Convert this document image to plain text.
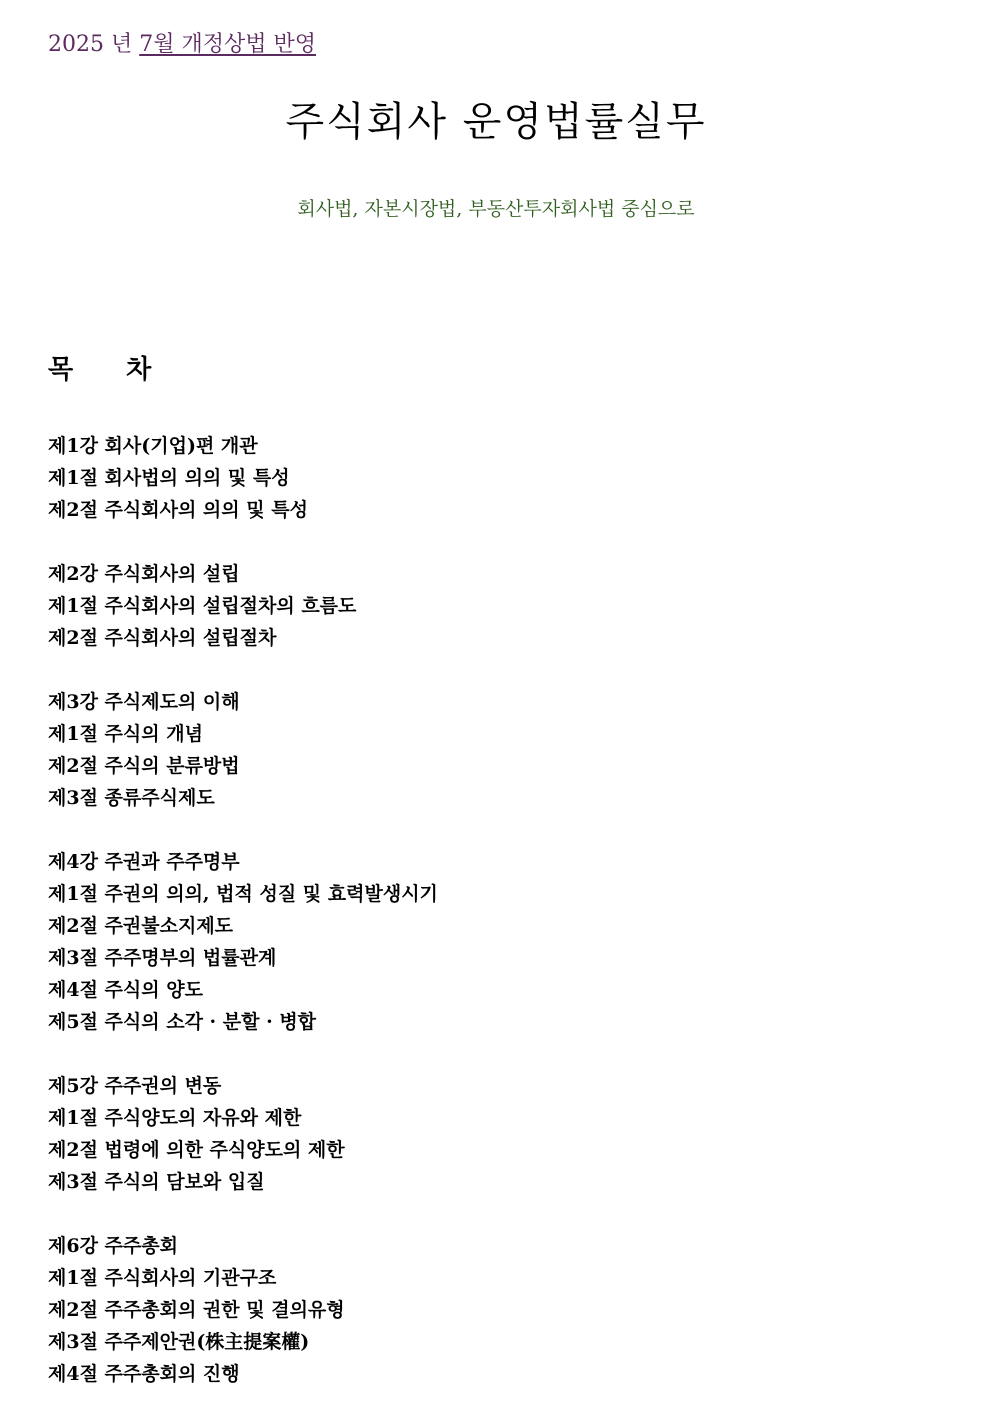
2025 년 7월 개정상법 반영
주식회사 운영법률실무
회사법, 자본시장법, 부동산투자회사법 중심으로
목 차
제1강 회사(기업)편 개관
제1절 회사법의 의의 및 특성
제2절 주식회사의 의의 및 특성
제2강 주식회사의 설립
제1절 주식회사의 설립절차의 흐름도
제2절 주식회사의 설립절차
제3강 주식제도의 이해
제1절 주식의 개념
제2절 주식의 분류방법
제3절 종류주식제도
제4강 주권과 주주명부
제1절 주권의 의의, 법적 성질 및 효력발생시기
제2절 주권불소지제도
제3절 주주명부의 법률관계
제4절 주식의 양도
제5절 주식의 소각 · 분할 · 병합
제5강 주주권의 변동
제1절 주식양도의 자유와 제한
제2절 법령에 의한 주식양도의 제한
제3절 주식의 담보와 입질
제6강 주주총회
제1절 주식회사의 기관구조
제2절 주주총회의 권한 및 결의유형
제3절 주주제안권(株主提案權)
제4절 주주총회의 진행
